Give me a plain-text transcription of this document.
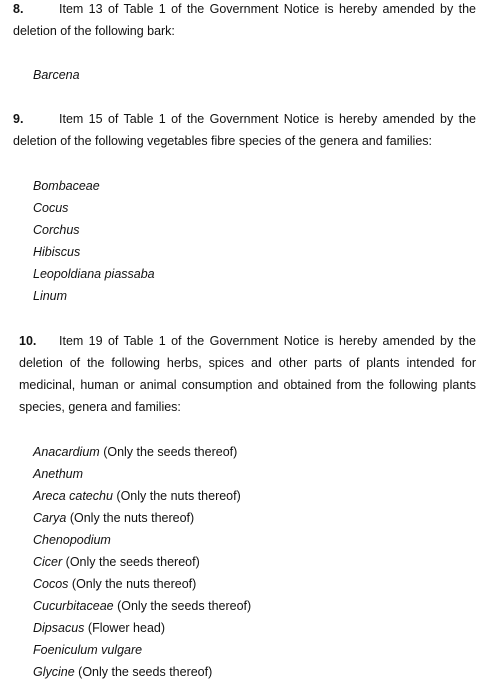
8.	Item 13 of Table 1 of the Government Notice is hereby amended by the deletion of the following bark:
Barcena
9.	Item 15 of Table 1 of the Government Notice is hereby amended by the deletion of the following vegetables fibre species of the genera and families:
Bombaceae
Cocus
Corchus
Hibiscus
Leopoldiana piassaba
Linum
10. Item 19 of Table 1 of the Government Notice is hereby amended by the deletion of the following herbs, spices and other parts of plants intended for medicinal, human or animal consumption and obtained from the following plants species, genera and families:
Anacardium (Only the seeds thereof)
Anethum
Areca catechu (Only the nuts thereof)
Carya (Only the nuts thereof)
Chenopodium
Cicer (Only the seeds thereof)
Cocos (Only the nuts thereof)
Cucurbitaceae (Only the seeds thereof)
Dipsacus (Flower head)
Foeniculum vulgare
Glycine (Only the seeds thereof)
